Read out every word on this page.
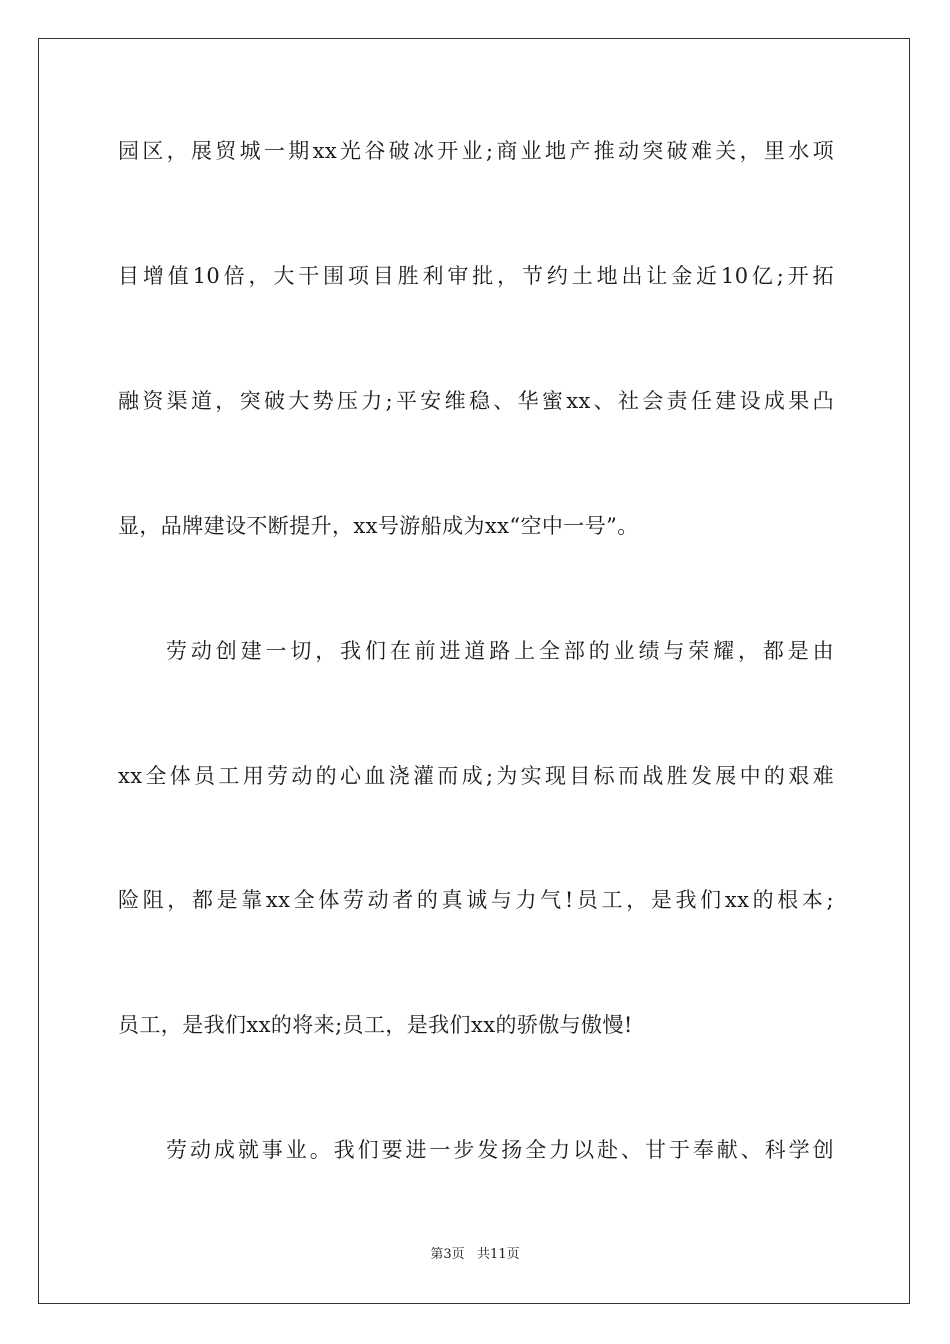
园区，展贸城一期xx光谷破冰开业;商业地产推动突破难关，里水项
目增值10倍，大干围项目胜利审批，节约土地出让金近10亿;开拓
融资渠道，突破大势压力;平安维稳、华蜜xx、社会责任建设成果凸
显，品牌建设不断提升，xx号游船成为xx“空中一号”。
劳动创建一切，我们在前进道路上全部的业绩与荣耀，都是由
xx全体员工用劳动的心血浇灌而成;为实现目标而战胜发展中的艰难
险阻，都是靠xx全体劳动者的真诚与力气!员工，是我们xx的根本;
员工，是我们xx的将来;员工，是我们xx的骄傲与傲慢!
劳动成就事业。我们要进一步发扬全力以赴、甘于奉献、科学创
第3页   共11页
